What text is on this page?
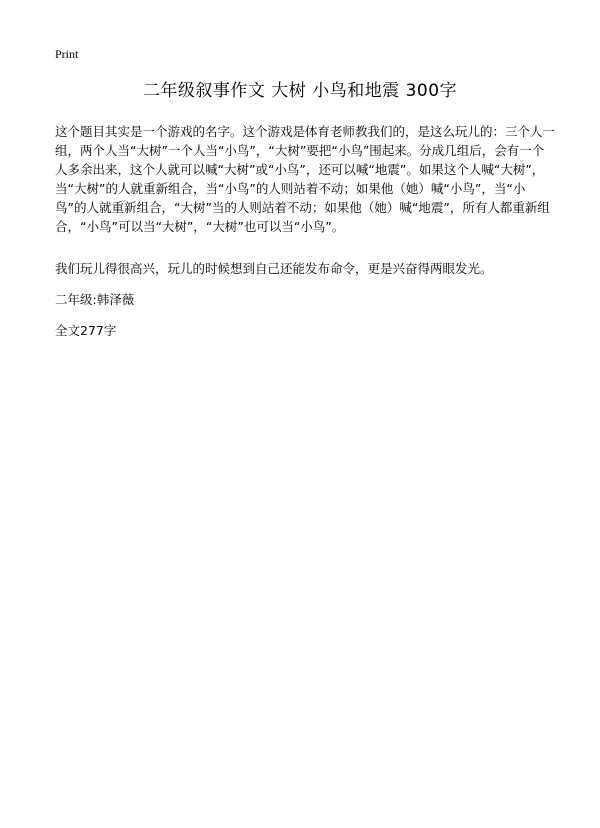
Print
二年级叙事作文 大树 小鸟和地震 300字

这个题目其实是一个游戏的名字。这个游戏是体育老师教我们的，是这么玩儿的：三个人一组，两个人当“大树”一个人当“小鸟”，“大树”要把“小鸟”围起来。分成几组后，会有一个人多余出来，这个人就可以喊“大树”或“小鸟”，还可以喊“地震”。如果这个人喊“大树”，当“大树”的人就重新组合，当“小鸟”的人则站着不动；如果他（她）喊“小鸟”，当“小鸟”的人就重新组合，“大树”当的人则站着不动；如果他（她）喊“地震”，所有人都重新组合，“小鸟”可以当“大树”，“大树”也可以当“小鸟”。

我们玩儿得很高兴，玩儿的时候想到自己还能发布命令，更是兴奋得两眼发光。

二年级:韩泽薇

全文277字
